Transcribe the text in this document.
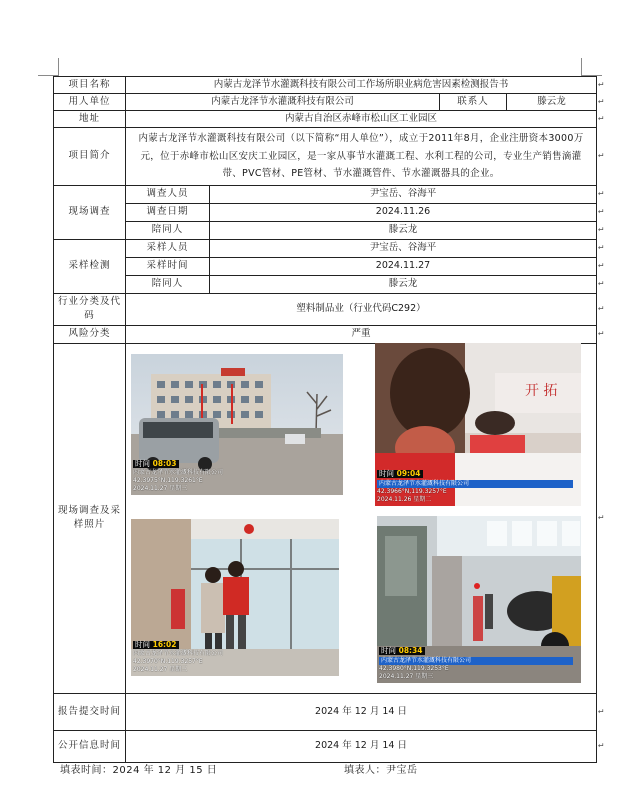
项目名称	内蒙古龙泽节水灌溉科技有限公司工作场所职业病危害因素检测报告书			
用人单位	内蒙古龙泽节水灌溉科技有限公司		联系人	滕云龙
地址	内蒙古自治区赤峰市松山区工业园区			
项目简介	内蒙古龙泽节水灌溉科技有限公司（以下简称“用人单位”），成立于2011年8月，企业注册资本3000万元，位于赤峰市松山区安庆工业园区，是一家从事节水灌溉工程、水利工程的公司，专业生产销售滴灌带、PVC管材、PE管材、节水灌溉管件、节水灌溉器具的企业。			
现场调查	调查人员	尹宝岳、谷海平		
	调查日期	2024.11.26		
	陪同人	滕云龙		
采样检测	采样人员	尹宝岳、谷海平		
	采样时间	2024.11.27		
	陪同人	滕云龙		
行业分类及代码	塑料制品业（行业代码C292）			
风险分类	严重			
现场调查及采样照片				
报告提交时间	2024 年 12 月 14 日			
公开信息时间	2024 年 12 月 14 日			
时间 08:03
内蒙古龙泽节水灌溉科技有限公司
42.3975°N,119.3261°E
2024.11.27 星期三
开 拓
时间 09:04
内蒙古龙泽节水灌溉科技有限公司
42.3966°N,119.3257°E
2024.11.26 星期二
时间 16:02
内蒙古龙泽节水灌溉科技有限公司
42.3970°N,119.3257°E
2024.11.27 星期三
时间 08:34
内蒙古龙泽节水灌溉科技有限公司
42.3980°N,119.3253°E
2024.11.27 星期三
↵
↵
↵
↵
↵
↵
↵
↵
↵
↵
↵
↵
↵
↵
↵
填表时间：2024 年 12 月 15 日	填表人：尹宝岳
